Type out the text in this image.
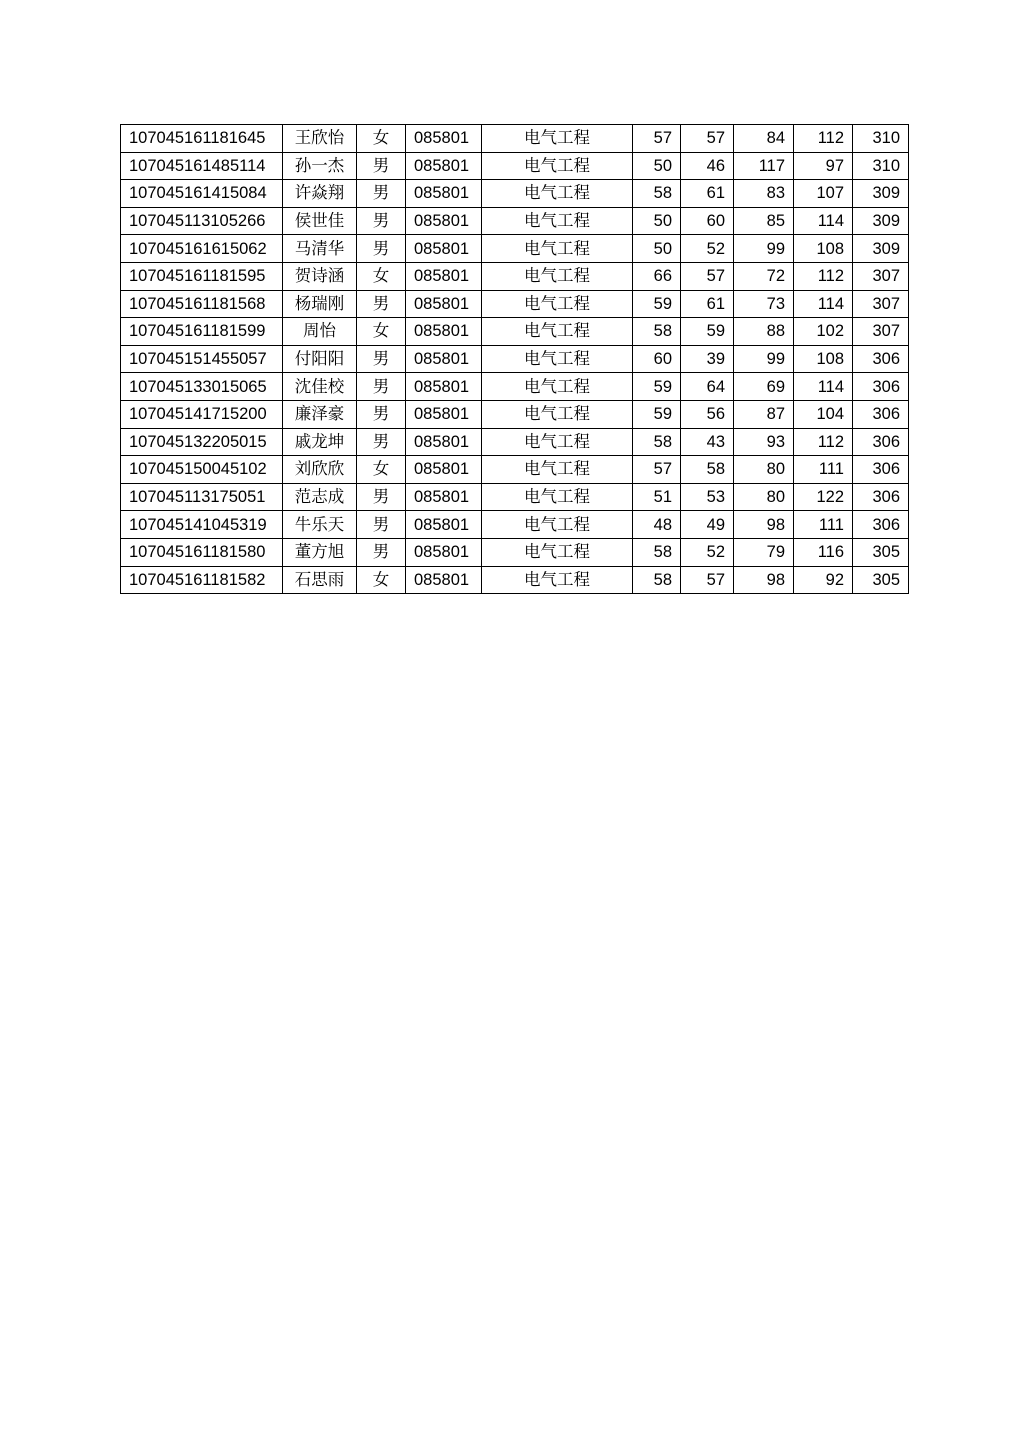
107045161181645	王欣怡	女	085801	电气工程	57	57	84	112	310
107045161485114	孙一杰	男	085801	电气工程	50	46	117	97	310
107045161415084	许焱翔	男	085801	电气工程	58	61	83	107	309
107045113105266	侯世佳	男	085801	电气工程	50	60	85	114	309
107045161615062	马清华	男	085801	电气工程	50	52	99	108	309
107045161181595	贺诗涵	女	085801	电气工程	66	57	72	112	307
107045161181568	杨瑞刚	男	085801	电气工程	59	61	73	114	307
107045161181599	周怡	女	085801	电气工程	58	59	88	102	307
107045151455057	付阳阳	男	085801	电气工程	60	39	99	108	306
107045133015065	沈佳校	男	085801	电气工程	59	64	69	114	306
107045141715200	廉泽豪	男	085801	电气工程	59	56	87	104	306
107045132205015	戚龙坤	男	085801	电气工程	58	43	93	112	306
107045150045102	刘欣欣	女	085801	电气工程	57	58	80	111	306
107045113175051	范志成	男	085801	电气工程	51	53	80	122	306
107045141045319	牛乐天	男	085801	电气工程	48	49	98	111	306
107045161181580	董方旭	男	085801	电气工程	58	52	79	116	305
107045161181582	石思雨	女	085801	电气工程	58	57	98	92	305
